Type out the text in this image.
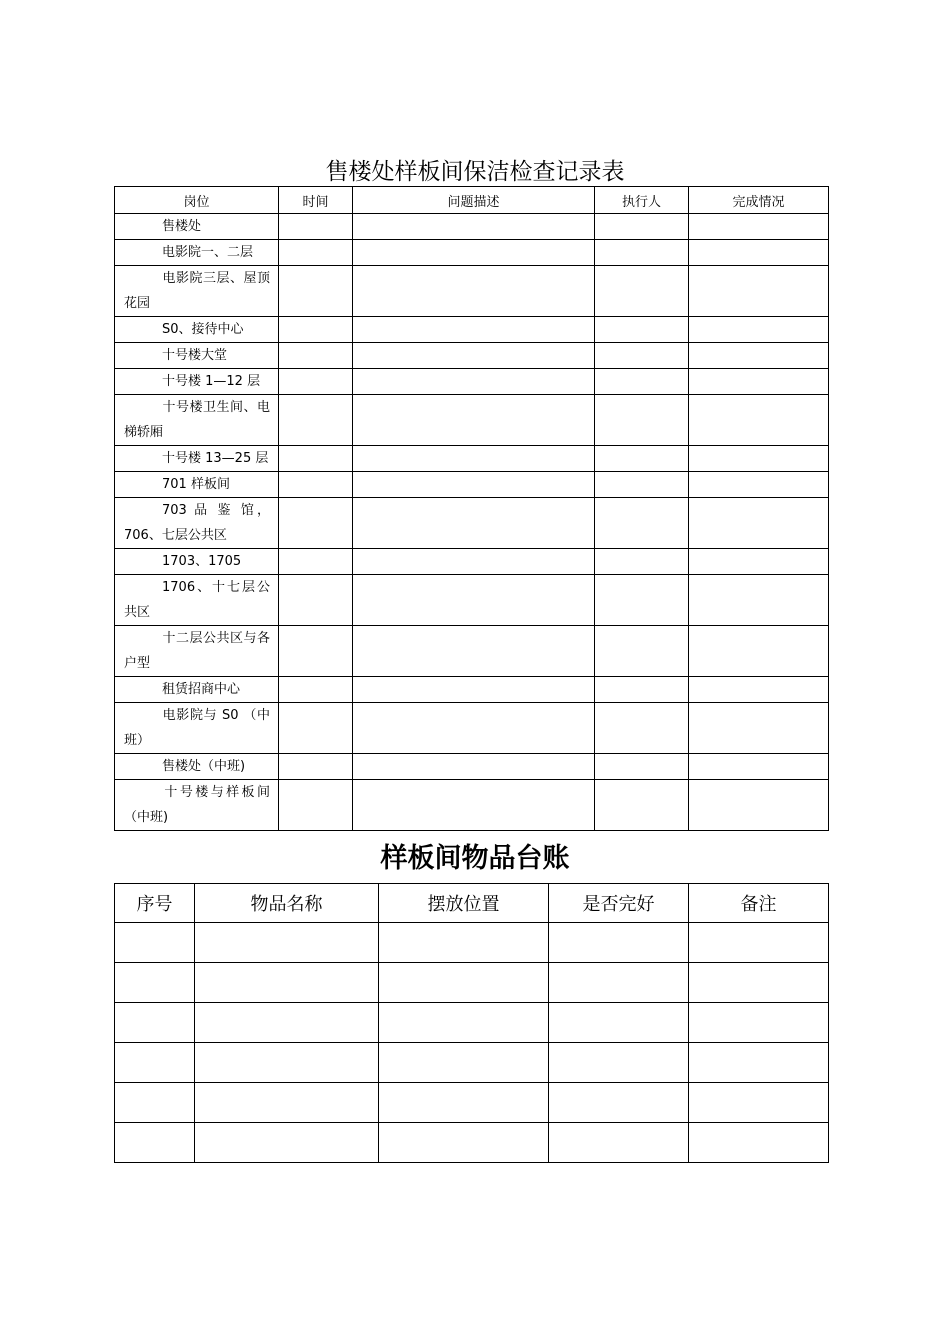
售楼处样板间保洁检查记录表
岗位	时间	问题描述	执行人	完成情况
售楼处				
电影院一、二层				
电影院三层、屋顶花园				
S0、接待中心				
十号楼大堂				
十号楼 1—12 层				
十号楼卫生间、电梯轿厢				
十号楼 13—25 层				
701 样板间				
703 品 鉴 馆，706、七层公共区				
1703、1705				
1706、十七层公共区				
十二层公共区与各户型				
租赁招商中心				
电影院与 S0 （中班）				
售楼处（中班)				
十号楼与样板间（中班)				
样板间物品台账
序号	物品名称	摆放位置	是否完好	备注
